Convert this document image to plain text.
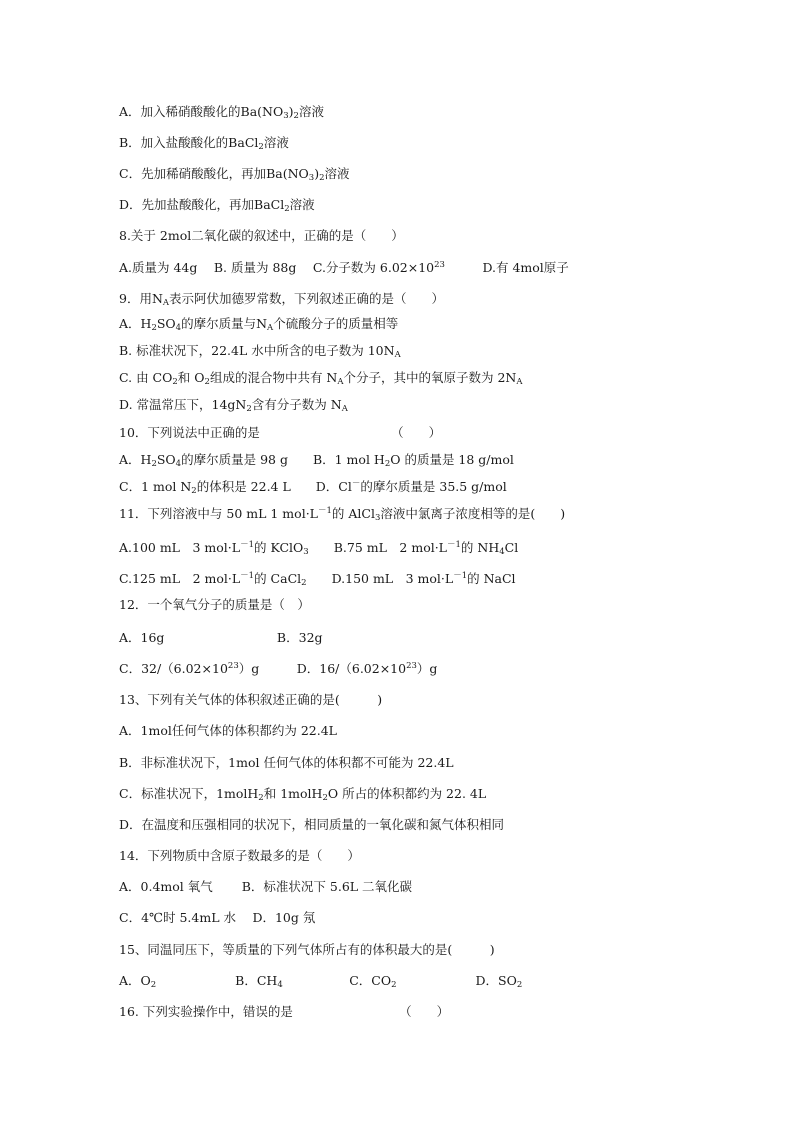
A．加入稀硝酸酸化的$Ba(NO_3)_2$溶液
B．加入盐酸酸化的BaCl$_2$溶液
C．先加稀硝酸酸化，再加$Ba(NO_3)_2$溶液
D．先加盐酸酸化，再加BaCl$_2$溶液
8.关于 2mol二氧化碳的叙述中，正确的是（　　）
A.质量为 44g　 B. 质量为 88g　 C.分子数为 $6.02\times 10^{23}$　　　D.有 4mol原子
9．用$N_A$表示阿伏加德罗常数，下列叙述正确的是（　　）
A．$H_2SO_4$的摩尔质量与$N_A$个硫酸分子的质量相等
B. 标准状况下，22.4L 水中所含的电子数为 $10N_A$
C. 由 $CO_2$和 $O_2$组成的混合物中共有 $N_A$个分子，其中的氧原子数为 $2N_A$
D. 常温常压下，$14gN_2$含有分子数为 $N_A$
10．下列说法中正确的是　　　　　　　　　　　（　　）
A．$H_2SO_4$的摩尔质量是 98 g　　B．1 mol $H_2O$ 的质量是 18 g/mol
C．1 mol $N_2$的体积是 22.4 L　　D．Cl－的摩尔质量是 35.5 g/mol
11．下列溶液中与 50 mL 1 $mol\cdot L^{-1}$的 AlCl$_3$溶液中氯离子浓度相等的是(　　)
A.100 mL　3 $mol\cdot L^{-1}$的 KClO$_3$　　B.75 mL　2 $mol\cdot L^{-1}$的 $NH_4Cl$
C.125 mL　2 $mol\cdot L^{-1}$的 CaCl$_2$　　D.150 mL　3 $mol\cdot L^{-1}$的 NaCl
12．一个氧气分子的质量是（　）
A．16g　　　　　　　　　B．32g
C．$32/(6.02\times 10^{23})g$　　　D．$16/(6.02\times 10^{23})g$
13、下列有关气体的体积叙述正确的是(　　　)
A．1mol任何气体的体积都约为 22.4L
B．非标准状况下，1mol 任何气体的体积都不可能为 22.4L
C．标准状况下，1molH$_2$和 1molH$_2$O 所占的体积都约为 22. 4L
D．在温度和压强相同的状况下，相同质量的一氧化碳和氮气体积相同
14．下列物质中含原子数最多的是（　　）
A．0.4mol 氧气　　 B．标准状况下 5.6L 二氧化碳
C．4℃时 5.4mL 水　 D．10g 氖
15、同温同压下，等质量的下列气体所占有的体积最大的是(　　　)
A．$O_2$　　　　　　 B．$CH_4$　　　　　 C．$CO_2$　　　　　　 D．$SO_2$
16. 下列实验操作中，错误的是　　　　　　　　　（　　）
